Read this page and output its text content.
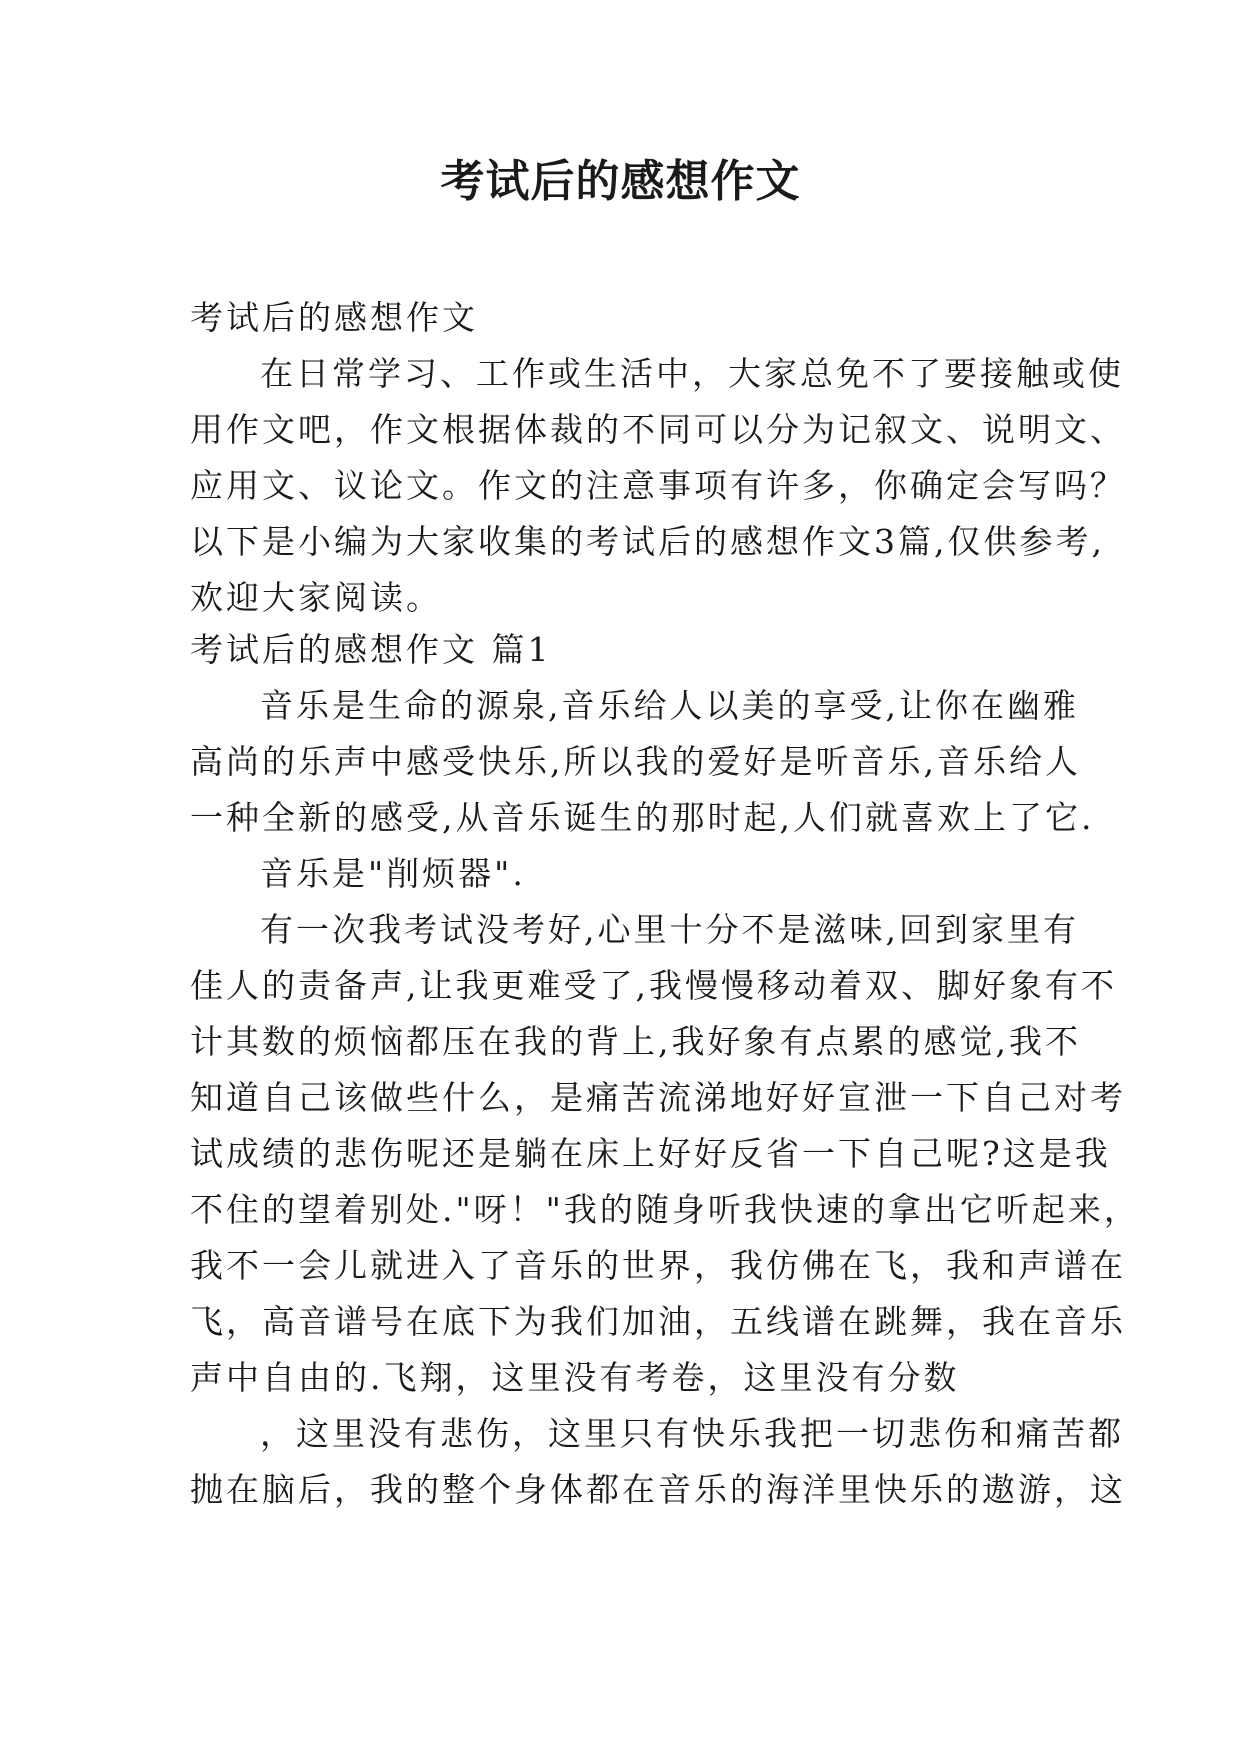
考试后的感想作文

考试后的感想作文

在日常学习、工作或生活中，大家总免不了要接触或使

用作文吧，作文根据体裁的不同可以分为记叙文、说明文、

应用文、议论文。作文的注意事项有许多，你确定会写吗？

以下是小编为大家收集的考试后的感想作文3篇,仅供参考,

欢迎大家阅读。

考试后的感想作文 篇1

音乐是生命的源泉,音乐给人以美的享受,让你在幽雅

高尚的乐声中感受快乐,所以我的爱好是听音乐,音乐给人

一种全新的感受,从音乐诞生的那时起,人们就喜欢上了它.

音乐是"削烦器".

有一次我考试没考好,心里十分不是滋味,回到家里有

佳人的责备声,让我更难受了,我慢慢移动着双、脚好象有不

计其数的烦恼都压在我的背上,我好象有点累的感觉,我不

知道自己该做些什么，是痛苦流涕地好好宣泄一下自己对考

试成绩的悲伤呢还是躺在床上好好反省一下自己呢?这是我

不住的望着别处."呀！"我的随身听我快速的拿出它听起来，

我不一会儿就进入了音乐的世界，我仿佛在飞，我和声谱在

飞，高音谱号在底下为我们加油，五线谱在跳舞，我在音乐

声中自由的.飞翔，这里没有考卷，这里没有分数

，这里没有悲伤，这里只有快乐我把一切悲伤和痛苦都

抛在脑后，我的整个身体都在音乐的海洋里快乐的遨游，这
